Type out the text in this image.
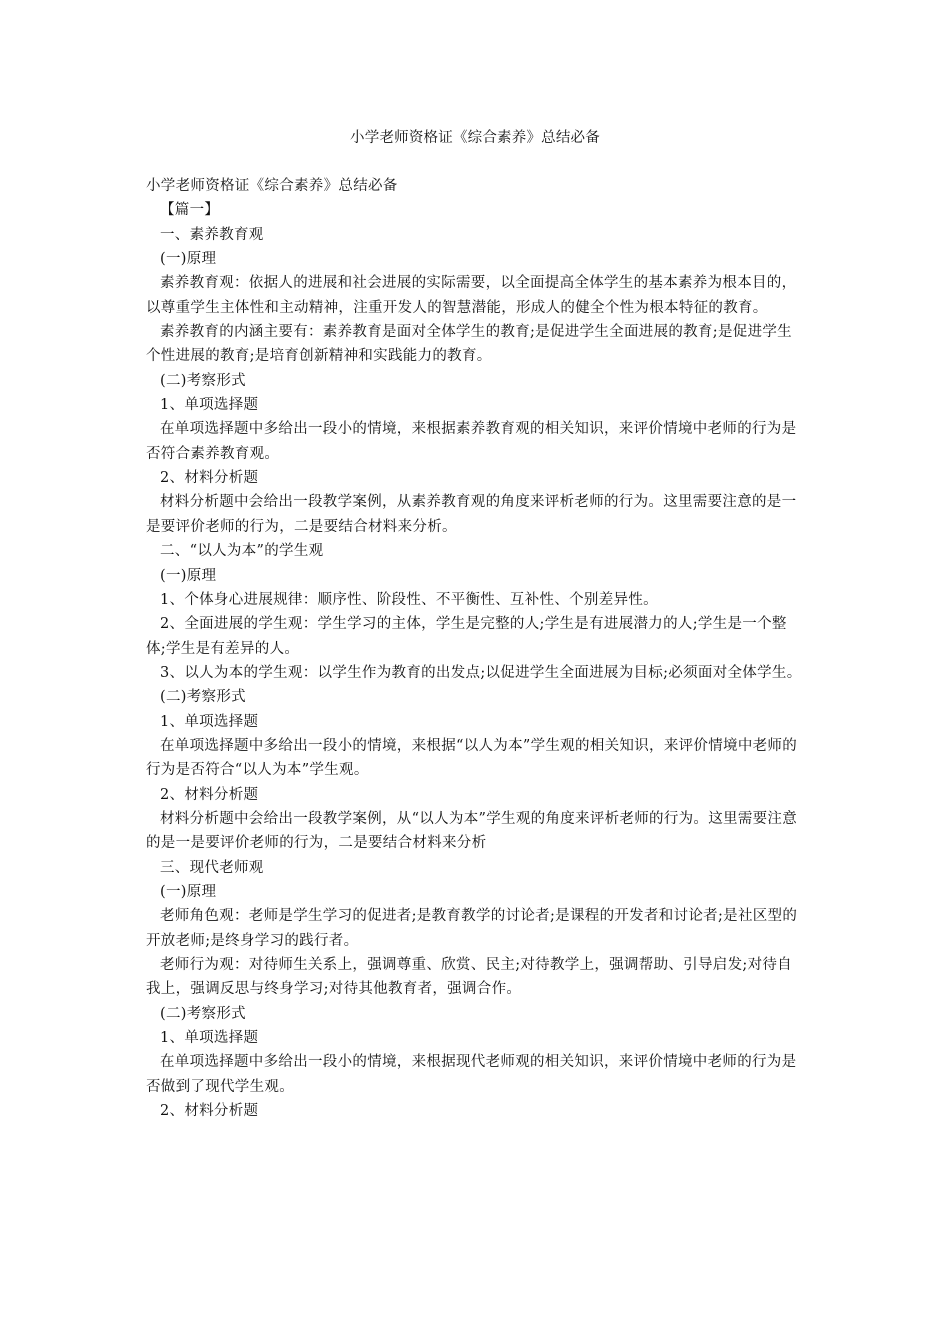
小学老师资格证《综合素养》总结必备

小学老师资格证《综合素养》总结必备

【篇一】

一、素养教育观

(一)原理

素养教育观：依据人的进展和社会进展的实际需要，以全面提高全体学生的基本素养为根本目的，以尊重学生主体性和主动精神，注重开发人的智慧潜能，形成人的健全个性为根本特征的教育。

素养教育的内涵主要有：素养教育是面对全体学生的教育;是促进学生全面进展的教育;是促进学生个性进展的教育;是培育创新精神和实践能力的教育。

(二)考察形式

1、单项选择题

在单项选择题中多给出一段小的情境，来根据素养教育观的相关知识，来评价情境中老师的行为是否符合素养教育观。

2、材料分析题

材料分析题中会给出一段教学案例，从素养教育观的角度来评析老师的行为。这里需要注意的是一是要评价老师的行为，二是要结合材料来分析。

二、“以人为本”的学生观

(一)原理

1、个体身心进展规律：顺序性、阶段性、不平衡性、互补性、个别差异性。

2、全面进展的学生观：学生学习的主体，学生是完整的人;学生是有进展潜力的人;学生是一个整体;学生是有差异的人。

3、以人为本的学生观：以学生作为教育的出发点;以促进学生全面进展为目标;必须面对全体学生。

(二)考察形式

1、单项选择题

在单项选择题中多给出一段小的情境，来根据“以人为本”学生观的相关知识，来评价情境中老师的行为是否符合“以人为本”学生观。

2、材料分析题

材料分析题中会给出一段教学案例，从“以人为本”学生观的角度来评析老师的行为。这里需要注意的是一是要评价老师的行为，二是要结合材料来分析

三、现代老师观

(一)原理

老师角色观：老师是学生学习的促进者;是教育教学的讨论者;是课程的开发者和讨论者;是社区型的开放老师;是终身学习的践行者。

老师行为观：对待师生关系上，强调尊重、欣赏、民主;对待教学上，强调帮助、引导启发;对待自我上，强调反思与终身学习;对待其他教育者，强调合作。

(二)考察形式

1、单项选择题

在单项选择题中多给出一段小的情境，来根据现代老师观的相关知识，来评价情境中老师的行为是否做到了现代学生观。

2、材料分析题
